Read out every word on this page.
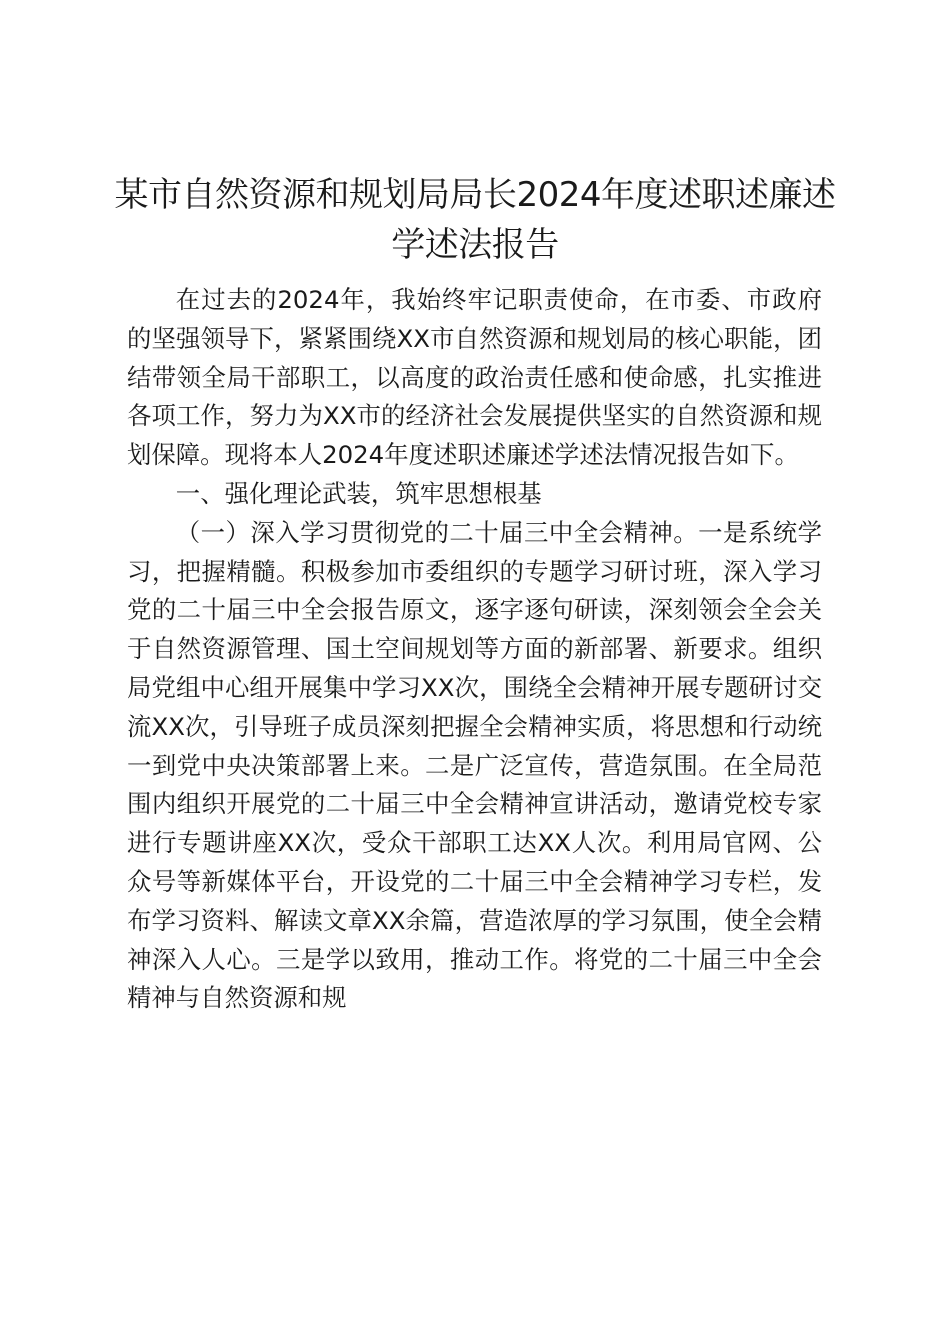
某市自然资源和规划局局长2024年度述职述廉述学述法报告

在过去的2024年，我始终牢记职责使命，在市委、市政府的坚强领导下，紧紧围绕XX市自然资源和规划局的核心职能，团结带领全局干部职工，以高度的政治责任感和使命感，扎实推进各项工作，努力为XX市的经济社会发展提供坚实的自然资源和规划保障。现将本人2024年度述职述廉述学述法情况报告如下。

一、强化理论武装，筑牢思想根基

（一）深入学习贯彻党的二十届三中全会精神。一是系统学习，把握精髓。积极参加市委组织的专题学习研讨班，深入学习党的二十届三中全会报告原文，逐字逐句研读，深刻领会全会关于自然资源管理、国土空间规划等方面的新部署、新要求。组织局党组中心组开展集中学习XX次，围绕全会精神开展专题研讨交流XX次，引导班子成员深刻把握全会精神实质，将思想和行动统一到党中央决策部署上来。二是广泛宣传，营造氛围。在全局范围内组织开展党的二十届三中全会精神宣讲活动，邀请党校专家进行专题讲座XX次，受众干部职工达XX人次。利用局官网、公众号等新媒体平台，开设党的二十届三中全会精神学习专栏，发布学习资料、解读文章XX余篇，营造浓厚的学习氛围，使全会精神深入人心。三是学以致用，推动工作。将党的二十届三中全会精神与自然资源和规
